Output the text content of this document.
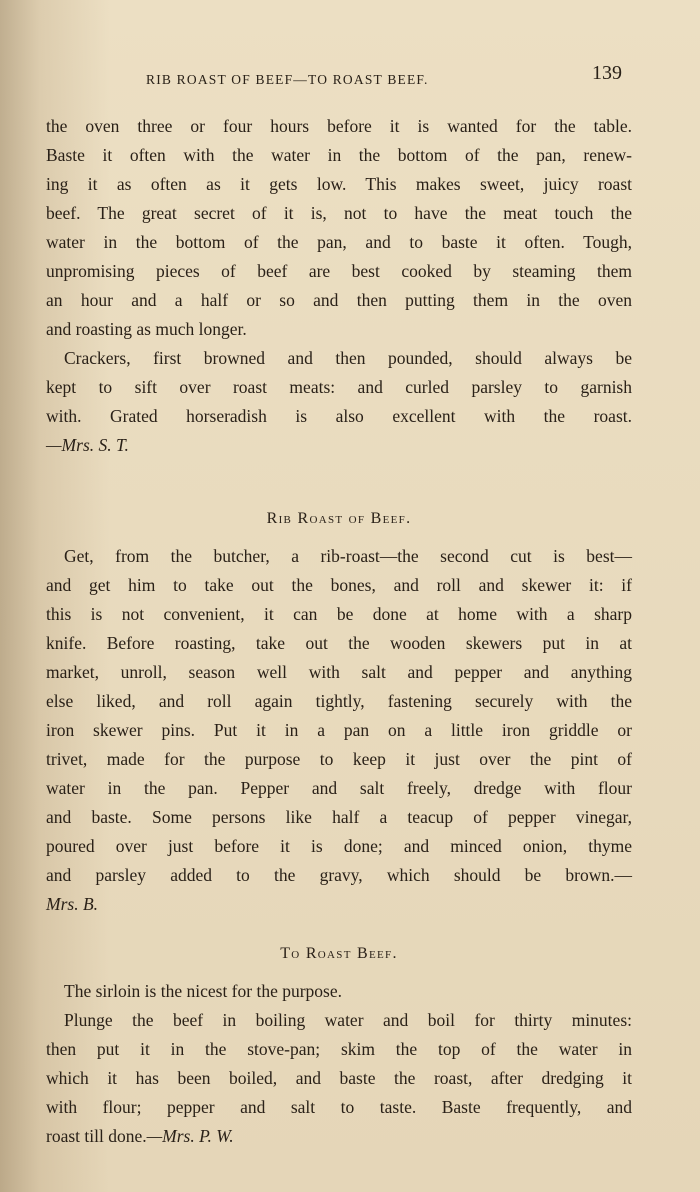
RIB ROAST OF BEEF—TO ROAST BEEF.	139
the oven three or four hours before it is wanted for the table.
Baste it often with the water in the bottom of the pan, renew-
ing it as often as it gets low. This makes sweet, juicy roast
beef. The great secret of it is, not to have the meat touch the
water in the bottom of the pan, and to baste it often. Tough,
unpromising pieces of beef are best cooked by steaming them
an hour and a half or so and then putting them in the oven
and roasting as much longer.
Crackers, first browned and then pounded, should always be
kept to sift over roast meats: and curled parsley to garnish
with. Grated horseradish is also excellent with the roast.
—Mrs. S. T.
Rib Roast of Beef.
Get, from the butcher, a rib-roast—the second cut is best—
and get him to take out the bones, and roll and skewer it: if
this is not convenient, it can be done at home with a sharp
knife. Before roasting, take out the wooden skewers put in at
market, unroll, season well with salt and pepper and anything
else liked, and roll again tightly, fastening securely with the
iron skewer pins. Put it in a pan on a little iron griddle or
trivet, made for the purpose to keep it just over the pint of
water in the pan. Pepper and salt freely, dredge with flour
and baste. Some persons like half a teacup of pepper vinegar,
poured over just before it is done; and minced onion, thyme
and parsley added to the gravy, which should be brown.—
Mrs. B.
To Roast Beef.
The sirloin is the nicest for the purpose.
Plunge the beef in boiling water and boil for thirty minutes:
then put it in the stove-pan; skim the top of the water in
which it has been boiled, and baste the roast, after dredging it
with flour; pepper and salt to taste. Baste frequently, and
roast till done.—Mrs. P. W.
